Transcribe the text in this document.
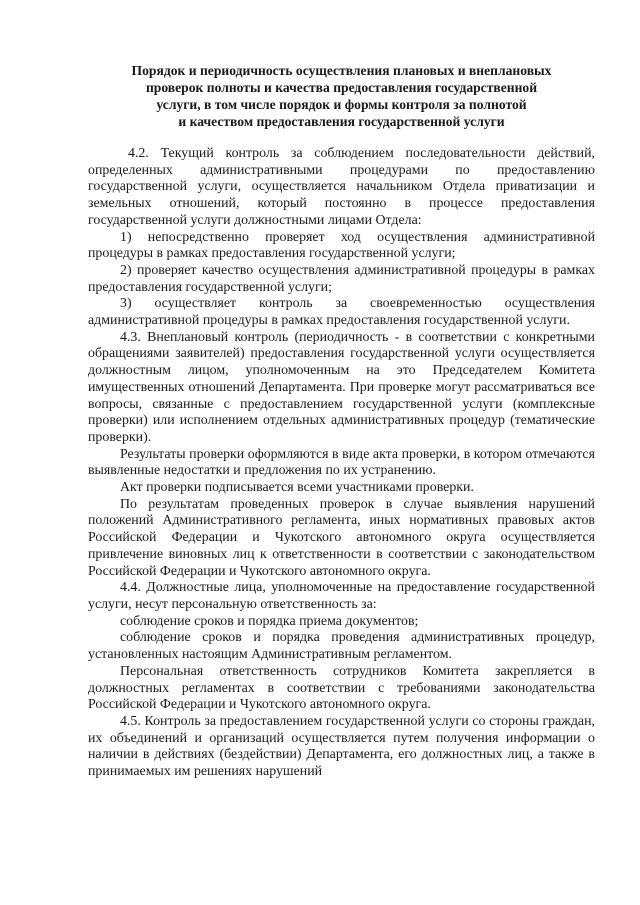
Порядок и периодичность осуществления плановых и внеплановых
проверок полноты и качества предоставления государственной
услуги, в том числе порядок и формы контроля за полнотой
и качеством предоставления государственной услуги

4.2. Текущий контроль за соблюдением последовательности действий, определенных административными процедурами по предоставлению государственной услуги, осуществляется начальником Отдела приватизации и земельных отношений, который постоянно в процессе предоставления государственной услуги должностными лицами Отдела:

1) непосредственно проверяет ход осуществления административной процедуры в рамках предоставления государственной услуги;

2) проверяет качество осуществления административной процедуры в рамках предоставления государственной услуги;

3) осуществляет контроль за своевременностью осуществления административной процедуры в рамках предоставления государственной услуги.

4.3. Внеплановый контроль (периодичность - в соответствии с конкретными обращениями заявителей) предоставления государственной услуги осуществляется должностным лицом, уполномоченным на это Председателем Комитета имущественных отношений Департамента. При проверке могут рассматриваться все вопросы, связанные с предоставлением государственной услуги (комплексные проверки) или исполнением отдельных административных процедур (тематические проверки).

Результаты проверки оформляются в виде акта проверки, в котором отмечаются выявленные недостатки и предложения по их устранению.

Акт проверки подписывается всеми участниками проверки.

По результатам проведенных проверок в случае выявления нарушений положений Административного регламента, иных нормативных правовых актов Российской Федерации и Чукотского автономного округа осуществляется привлечение виновных лиц к ответственности в соответствии с законодательством Российской Федерации и Чукотского автономного округа.

4.4. Должностные лица, уполномоченные на предоставление государственной услуги, несут персональную ответственность за:

соблюдение сроков и порядка приема документов;

соблюдение сроков и порядка проведения административных процедур, установленных настоящим Административным регламентом.

Персональная ответственность сотрудников Комитета закрепляется в должностных регламентах в соответствии с требованиями законодательства Российской Федерации и Чукотского автономного округа.

4.5. Контроль за предоставлением государственной услуги со стороны граждан, их объединений и организаций осуществляется путем получения информации о наличии в действиях (бездействии) Департамента, его должностных лиц, а также в принимаемых им решениях нарушений
